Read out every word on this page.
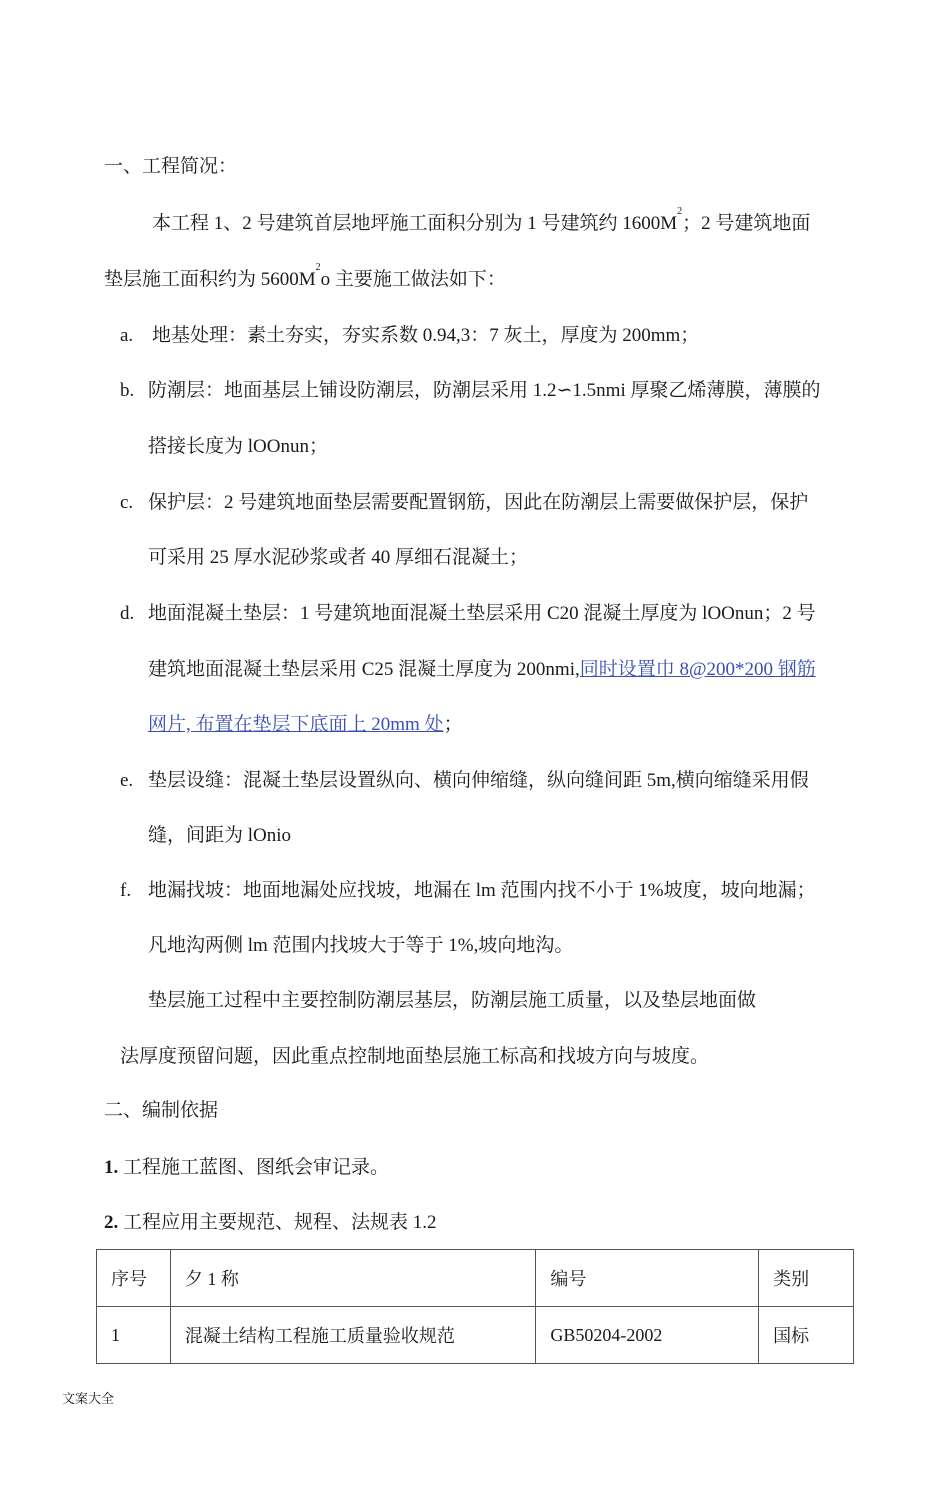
一、工程简况：
本工程 1、2 号建筑首层地坪施工面积分别为 1 号建筑约 $1600M^2$；2 号建筑地面
垫层施工面积约为 $5600M^2o$ 主要施工做法如下：
a. 地基处理：素土夯实，夯实系数 0.94,3：7 灰土，厚度为 200mm；
b. 防潮层：地面基层上铺设防潮层，防潮层采用 1.2∽1.5nmi 厚聚乙烯薄膜，薄膜的
搭接长度为 lOOnun；
c. 保护层：2 号建筑地面垫层需要配置钢筋，因此在防潮层上需要做保护层，保护
可采用 25 厚水泥砂浆或者 40 厚细石混凝土；
d. 地面混凝土垫层：1 号建筑地面混凝土垫层采用 C20 混凝土厚度为 lOOnun；2 号
建筑地面混凝土垫层采用 C25 混凝土厚度为 200nmi,同时设置巾 8@200*200 钢筋
网片, 布置在垫层下底面上 20mm 处；
e. 垫层设缝：混凝土垫层设置纵向、横向伸缩缝，纵向缝间距 5m,横向缩缝采用假
缝，间距为 lOnio
f. 地漏找坡：地面地漏处应找坡，地漏在 lm 范围内找不小于 1%坡度，坡向地漏；
凡地沟两侧 lm 范围内找坡大于等于 1%,坡向地沟。
垫层施工过程中主要控制防潮层基层，防潮层施工质量，以及垫层地面做
法厚度预留问题，因此重点控制地面垫层施工标高和找坡方向与坡度。
二、编制依据
1. 工程施工蓝图、图纸会审记录。
2. 工程应用主要规范、规程、法规表 1.2
序号	夕 1 称	编号	类别
1	混凝土结构工程施工质量验收规范	GB50204-2002	国标
文案大全
